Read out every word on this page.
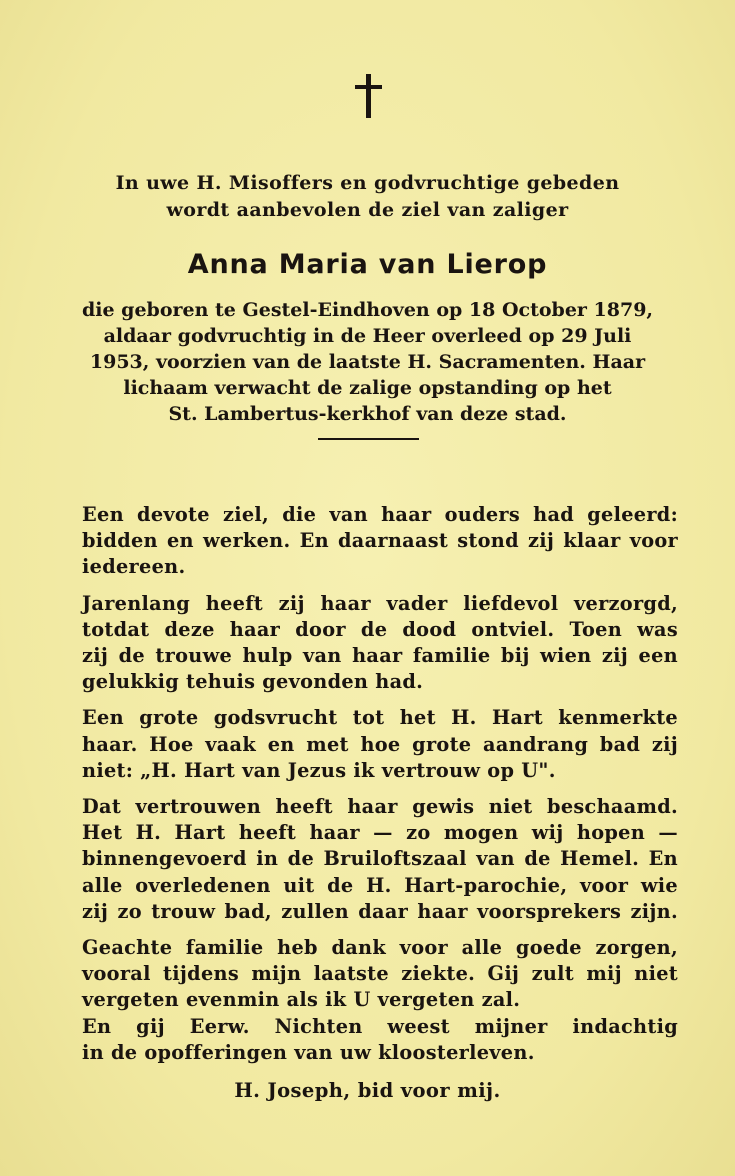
In uwe H. Misoffers en godvruchtige gebeden
wordt aanbevolen de ziel van zaliger
Anna Maria van Lierop
die geboren te Gestel-Eindhoven op 18 October 1879,
aldaar godvruchtig in de Heer overleed op 29 Juli
1953, voorzien van de laatste H. Sacramenten. Haar
lichaam verwacht de zalige opstanding op het
St. Lambertus-kerkhof van deze stad.
Een devote ziel, die van haar ouders had geleerd:
bidden en werken. En daarnaast stond zij klaar voor
iedereen.
Jarenlang heeft zij haar vader liefdevol verzorgd,
totdat deze haar door de dood ontviel. Toen was
zij de trouwe hulp van haar familie bij wien zij een
gelukkig tehuis gevonden had.
Een grote godsvrucht tot het H. Hart kenmerkte
haar. Hoe vaak en met hoe grote aandrang bad zij
niet: „H. Hart van Jezus ik vertrouw op U".
Dat vertrouwen heeft haar gewis niet beschaamd.
Het H. Hart heeft haar — zo mogen wij hopen —
binnengevoerd in de Bruiloftszaal van de Hemel. En
alle overledenen uit de H. Hart-parochie, voor wie
zij zo trouw bad, zullen daar haar voorsprekers zijn.
Geachte familie heb dank voor alle goede zorgen,
vooral tijdens mijn laatste ziekte. Gij zult mij niet
vergeten evenmin als ik U vergeten zal.
En gij Eerw. Nichten weest mijner indachtig
in de opofferingen van uw kloosterleven.
H. Joseph, bid voor mij.
